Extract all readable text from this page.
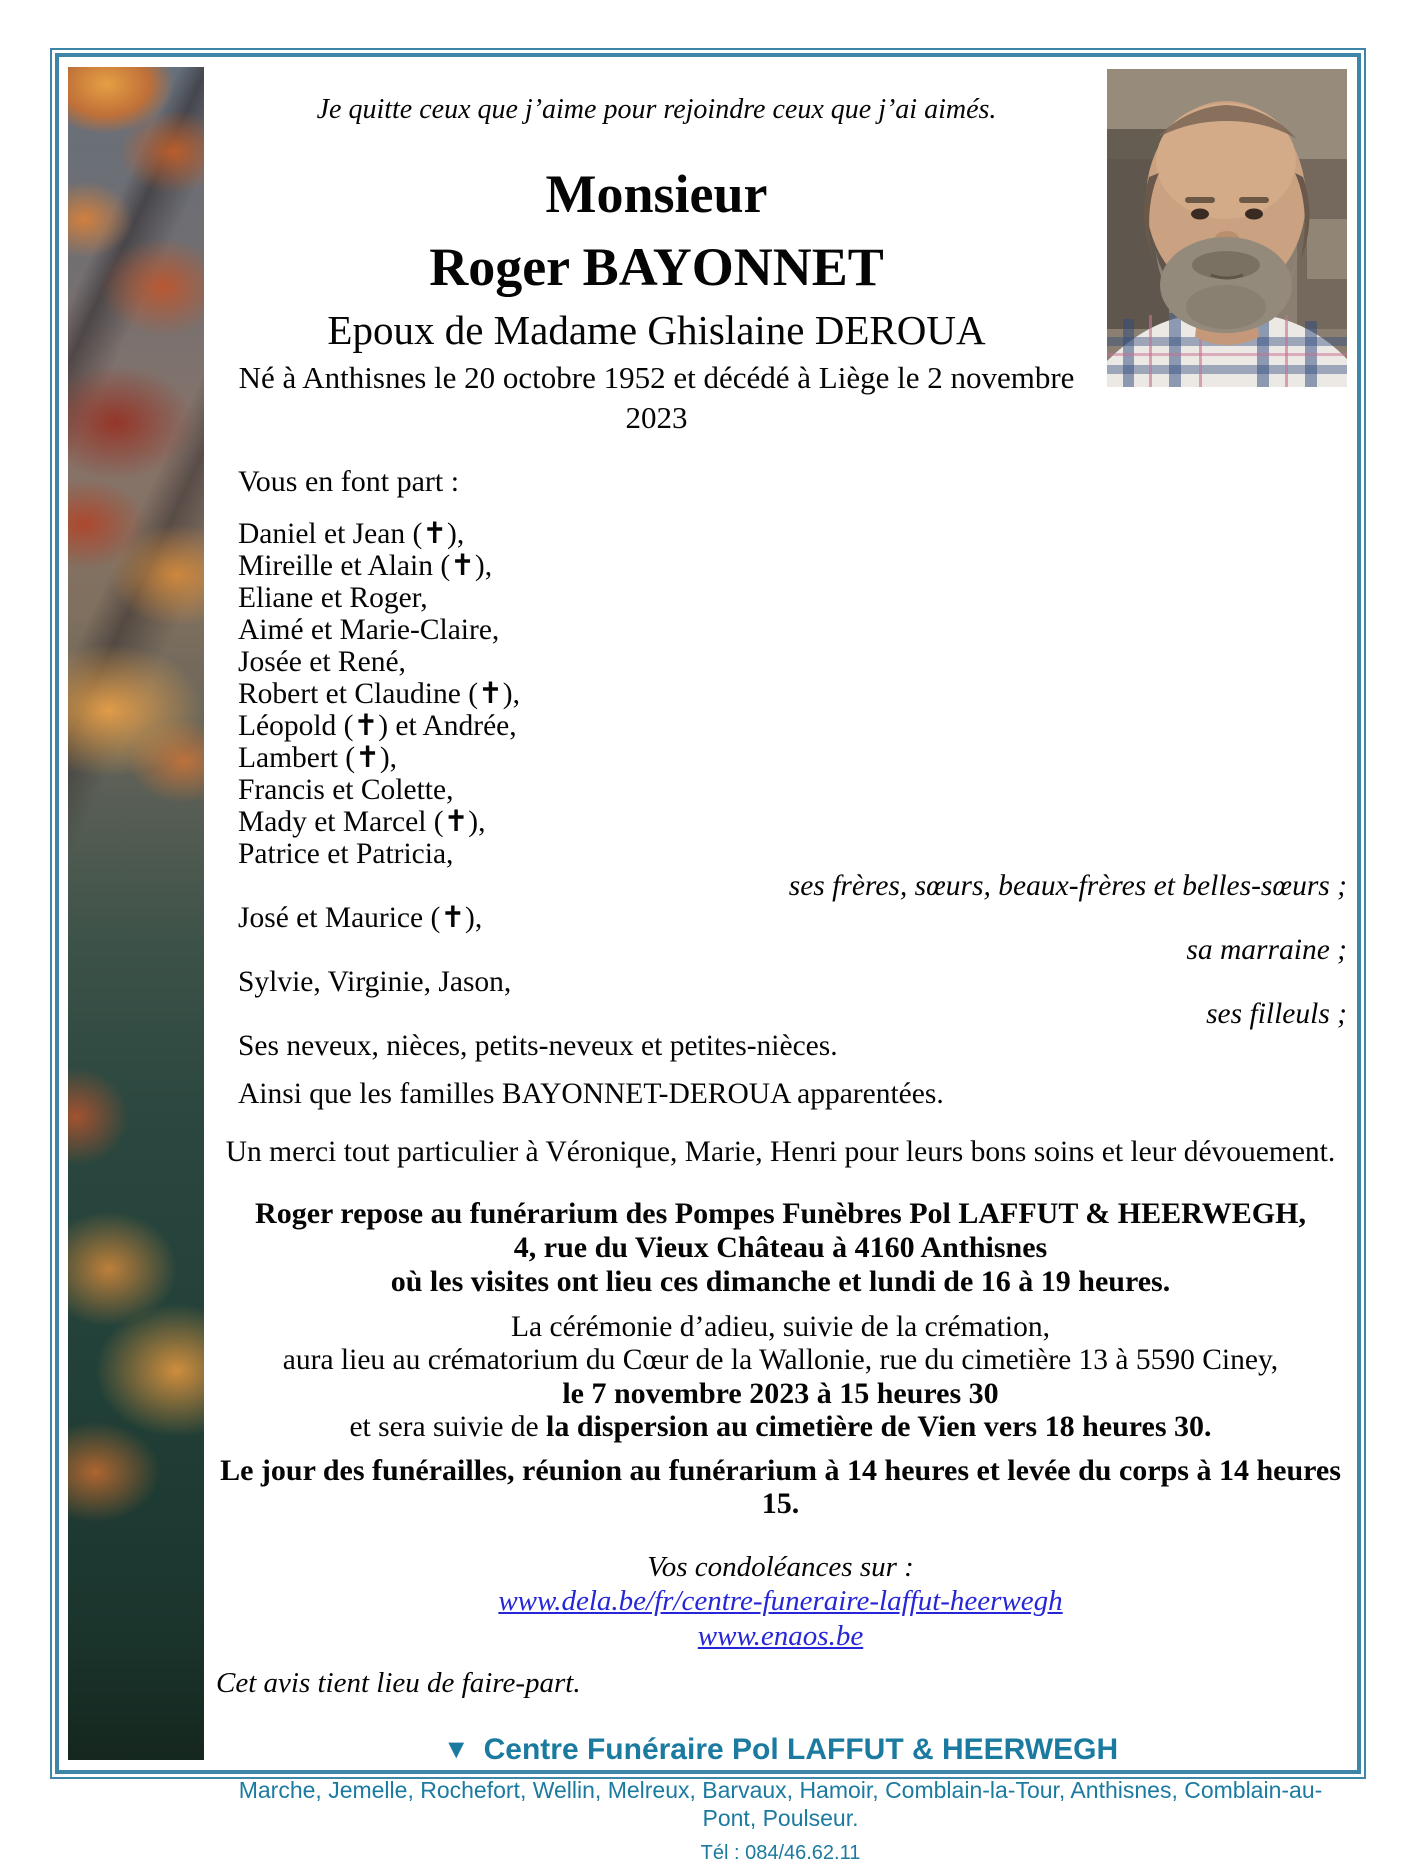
Je quitte ceux que j’aime pour rejoindre ceux que j’ai aimés.
Monsieur
Roger BAYONNET
Epoux de Madame Ghislaine DEROUA
Né à Anthisnes le 20 octobre 1952 et décédé à Liège le 2 novembre 2023
Vous en font part :
Daniel et Jean (✝),
Mireille et Alain (✝),
Eliane et Roger,
Aimé et Marie-Claire,
Josée et René,
Robert et Claudine (✝),
Léopold (✝) et Andrée,
Lambert (✝),
Francis et Colette,
Mady et Marcel (✝),
Patrice et Patricia,
ses frères, sœurs, beaux-frères et belles-sœurs ;
José et Maurice (✝),
sa marraine ;
Sylvie, Virginie, Jason,
ses filleuls ;
Ses neveux, nièces, petits-neveux et petites-nièces.
Ainsi que les familles BAYONNET-DEROUA apparentées.
Un merci tout particulier à Véronique, Marie, Henri pour leurs bons soins et leur dévouement.
Roger repose au funérarium des Pompes Funèbres Pol LAFFUT & HEERWEGH,
4, rue du Vieux Château à 4160 Anthisnes
où les visites ont lieu ces dimanche et lundi de 16 à 19 heures.
La cérémonie d’adieu, suivie de la crémation,
aura lieu au crématorium du Cœur de la Wallonie, rue du cimetière 13 à 5590 Ciney,
le 7 novembre 2023 à 15 heures 30
et sera suivie de la dispersion au cimetière de Vien vers 18 heures 30.
Le jour des funérailles, réunion au funérarium à 14 heures et levée du corps à 14 heures 15.
Vos condoléances sur :
www.dela.be/fr/centre-funeraire-laffut-heerwegh
www.enaos.be
Cet avis tient lieu de faire-part.
▼ Centre Funéraire Pol LAFFUT & HEERWEGH
Marche, Jemelle, Rochefort, Wellin, Melreux, Barvaux, Hamoir, Comblain-la-Tour, Anthisnes, Comblain-au-Pont, Poulseur.
Tél : 084/46.62.11
